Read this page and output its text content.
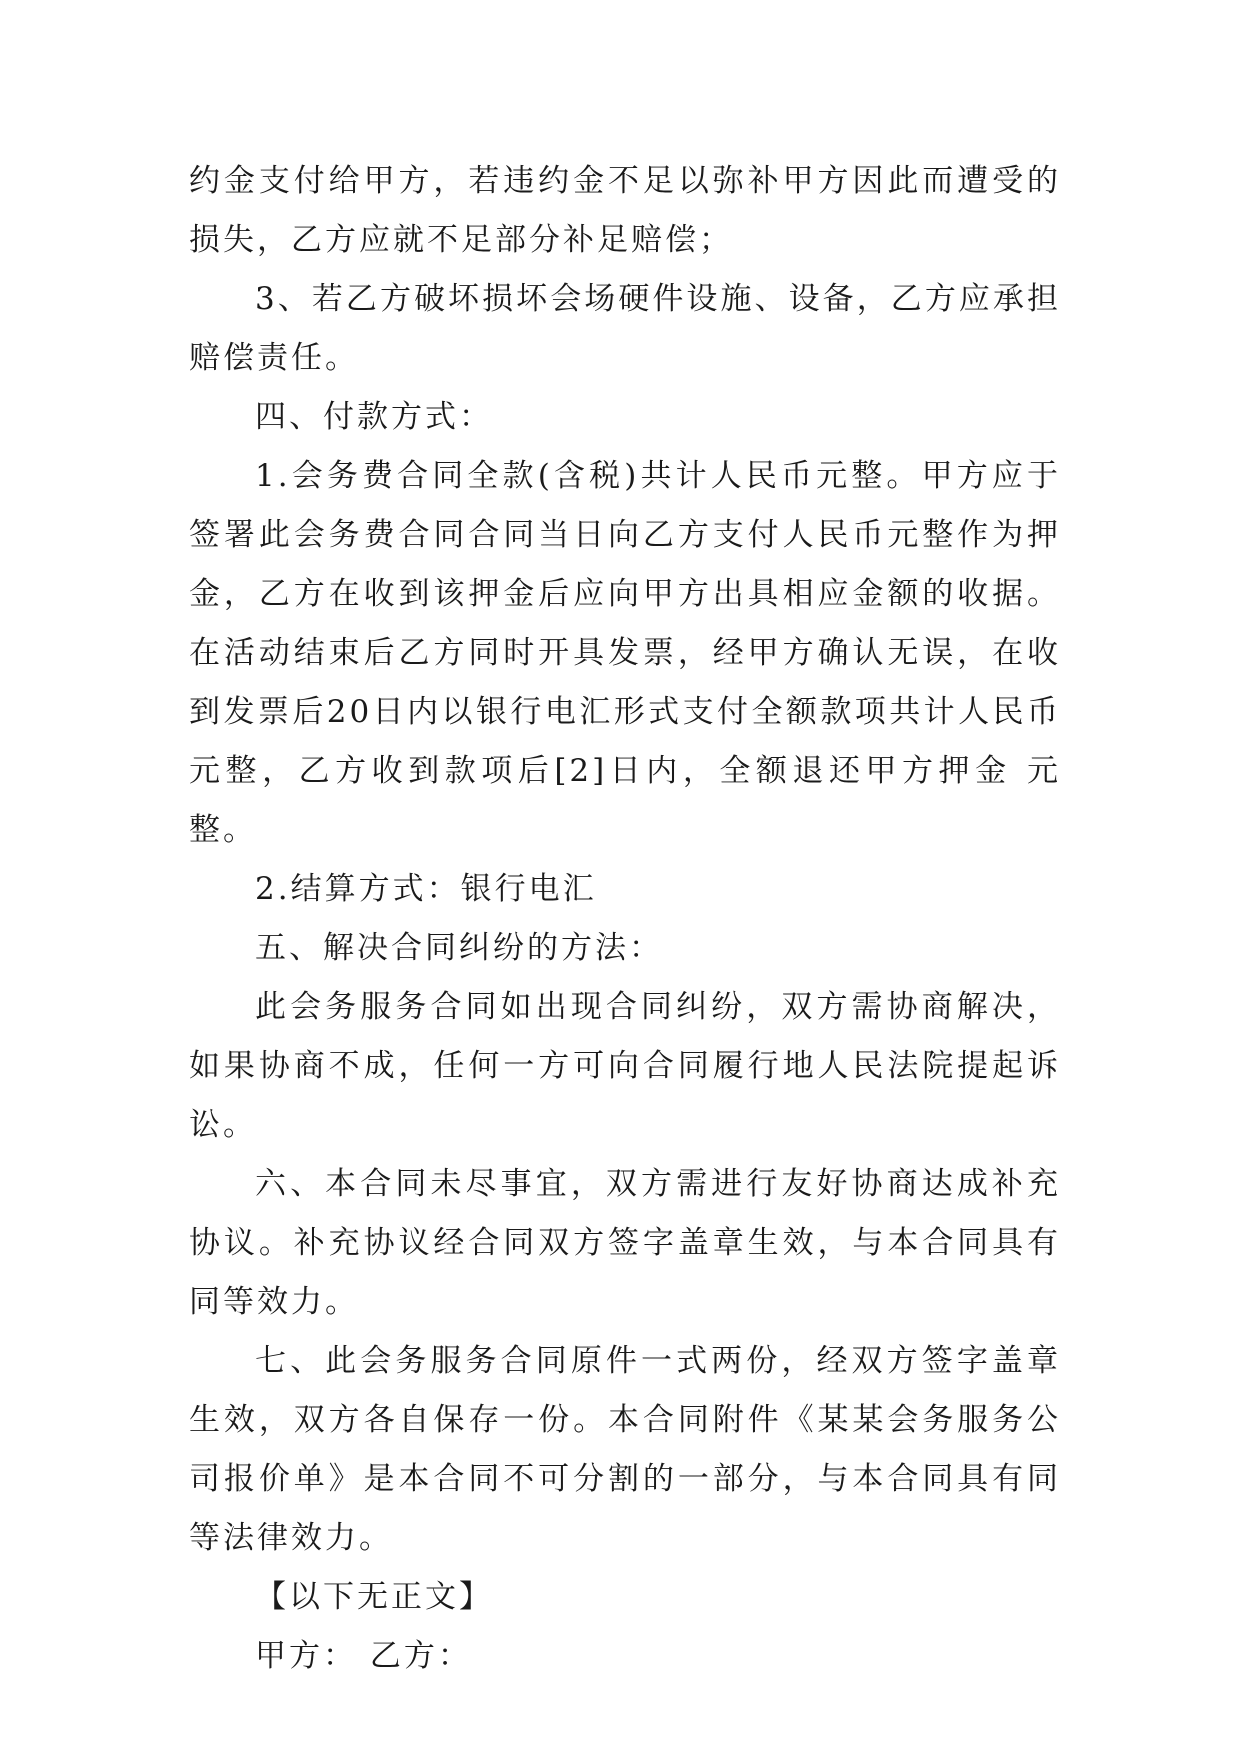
约金支付给甲方，若违约金不足以弥补甲方因此而遭受的损失，乙方应就不足部分补足赔偿；

3、若乙方破坏损坏会场硬件设施、设备，乙方应承担赔偿责任。

四、付款方式：

1.会务费合同全款(含税)共计人民币元整。甲方应于签署此会务费合同合同当日向乙方支付人民币元整作为押金，乙方在收到该押金后应向甲方出具相应金额的收据。在活动结束后乙方同时开具发票，经甲方确认无误，在收到发票后20日内以银行电汇形式支付全额款项共计人民币元整，乙方收到款项后[2]日内，全额退还甲方押金 元整。

2.结算方式：银行电汇

五、解决合同纠纷的方法：

此会务服务合同如出现合同纠纷，双方需协商解决，如果协商不成，任何一方可向合同履行地人民法院提起诉讼。

六、本合同未尽事宜，双方需进行友好协商达成补充协议。补充协议经合同双方签字盖章生效，与本合同具有同等效力。

七、此会务服务合同原件一式两份，经双方签字盖章生效，双方各自保存一份。本合同附件《某某会务服务公司报价单》是本合同不可分割的一部分，与本合同具有同等法律效力。

【以下无正文】

甲方： 乙方：
